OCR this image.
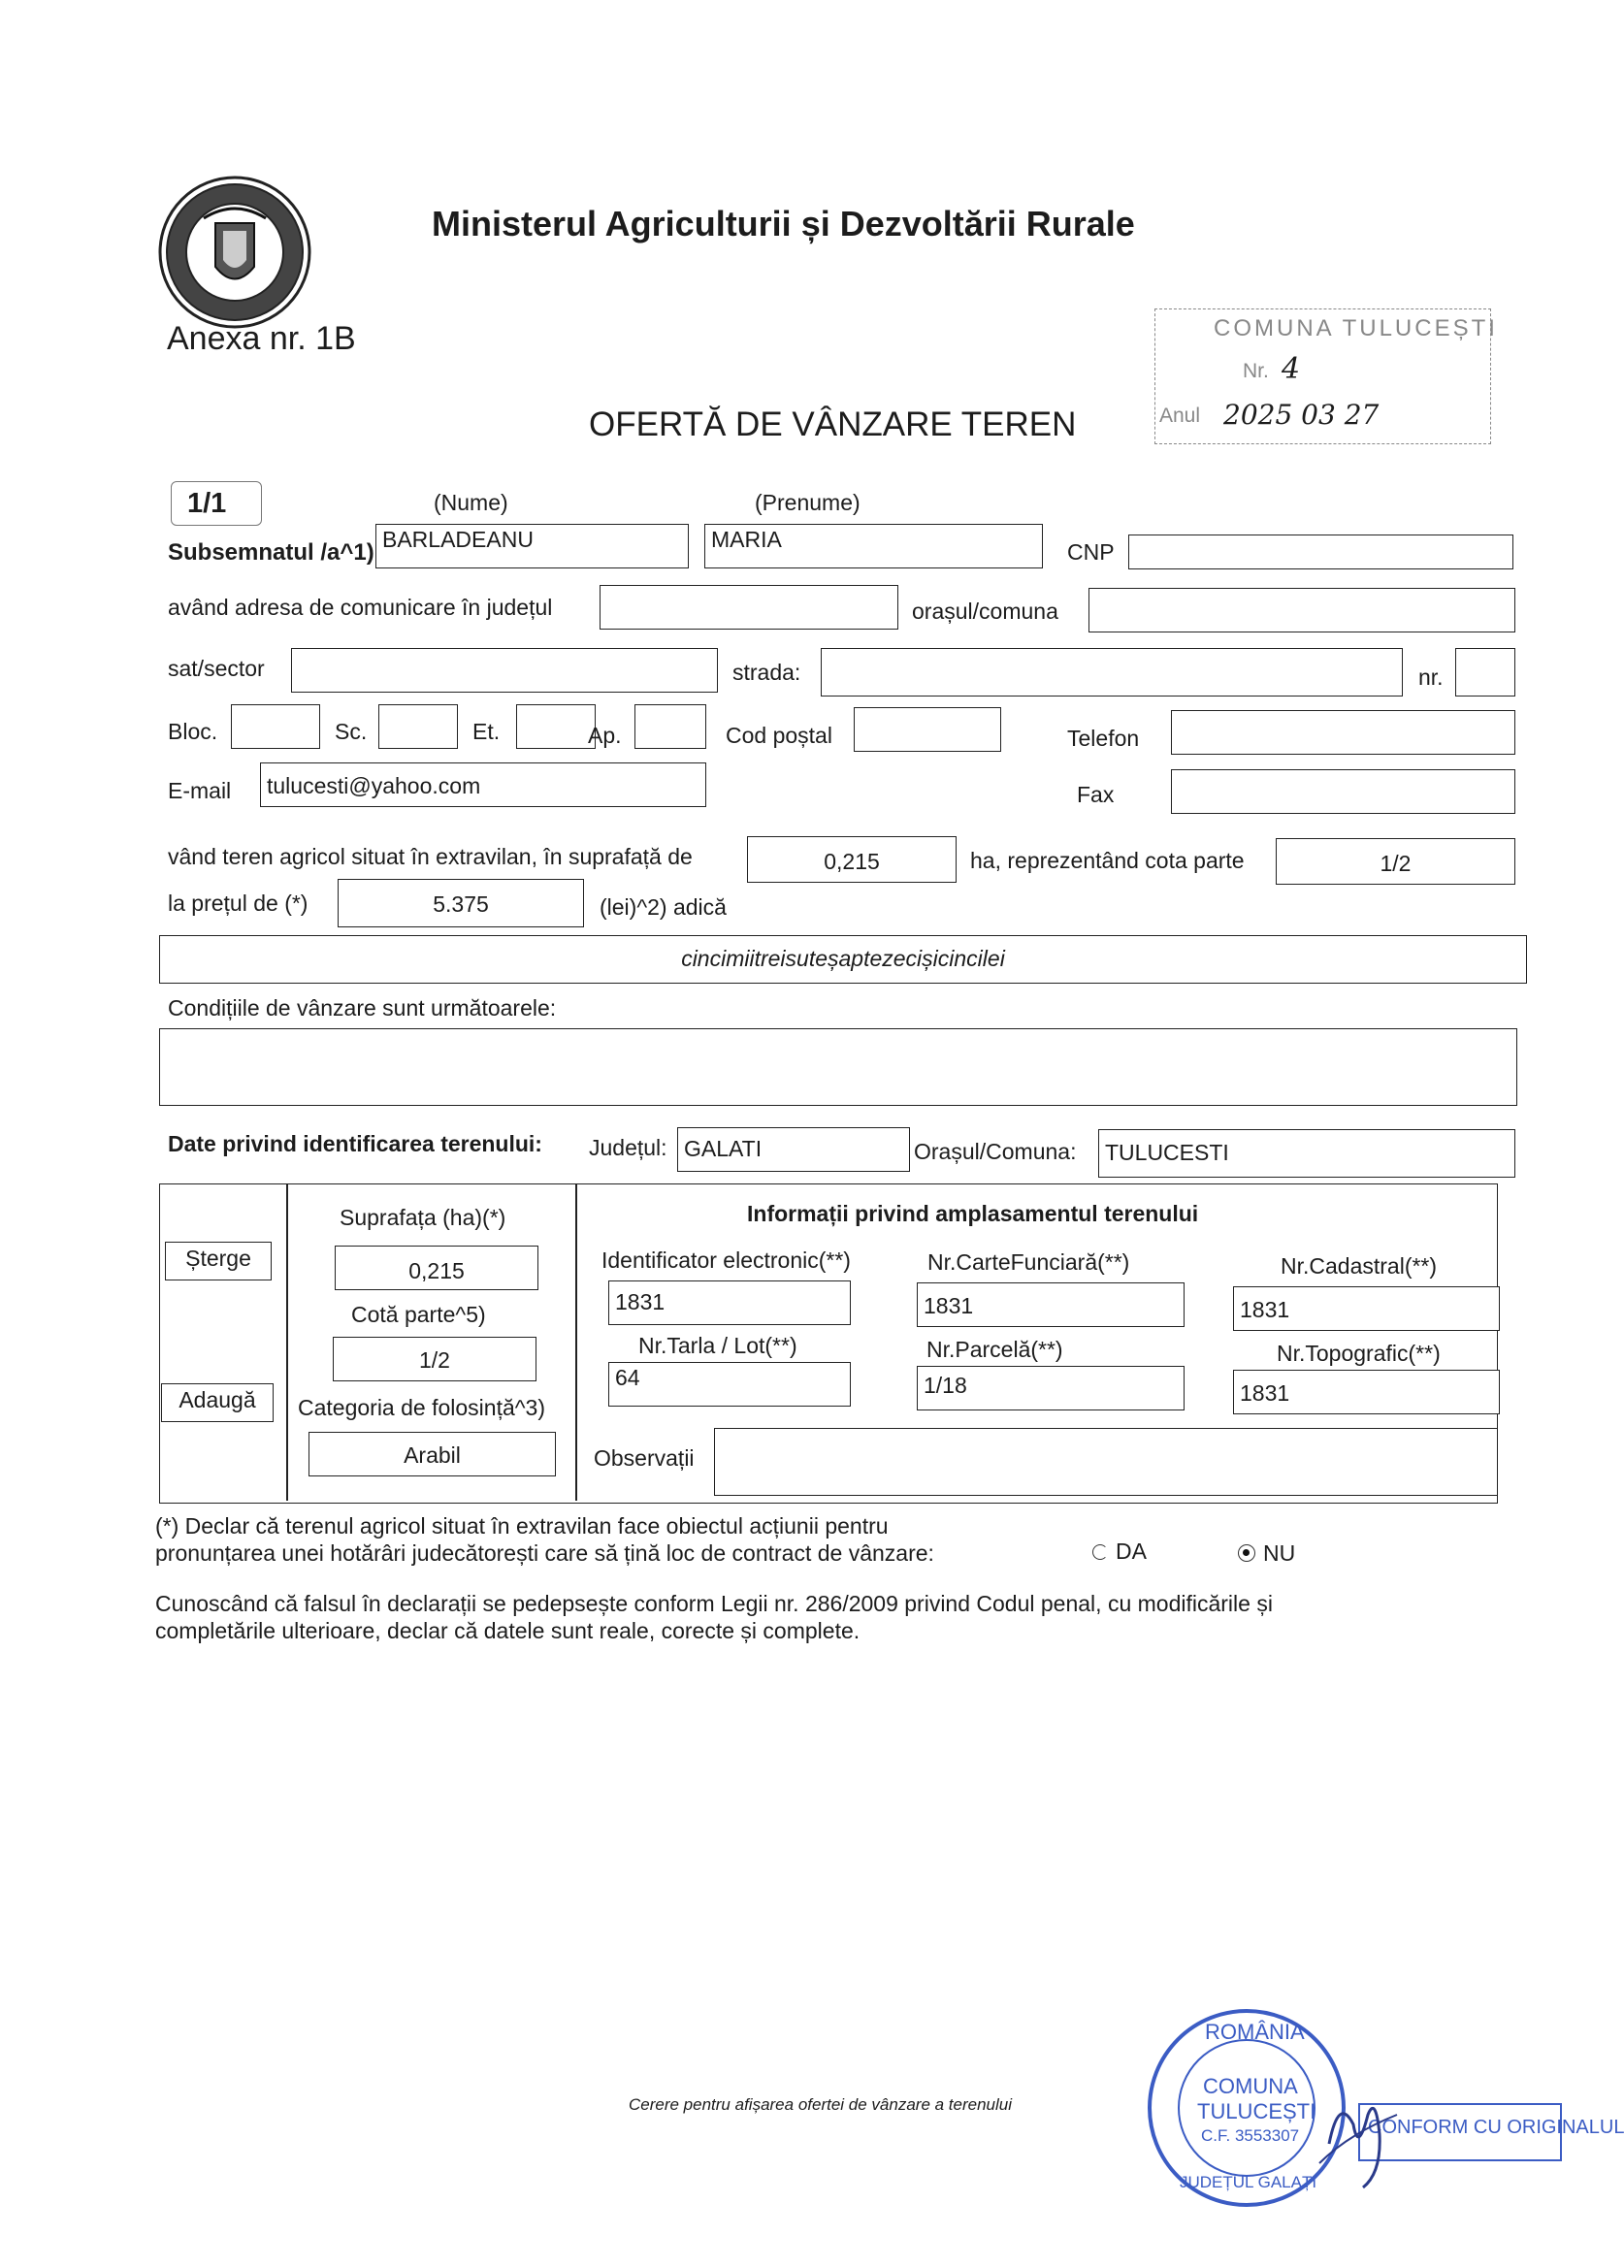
Ministerul Agriculturii și Dezvoltării Rurale
Anexa nr. 1B
OFERTĂ DE VÂNZARE TEREN
COMUNA TULUCEȘTI
Nr. 4
Anul 2025 03 27
1/1	(Nume)	(Prenume)
Subsemnatul /a^1) BARLADEANU	MARIA	CNP
având adresa de comunicare în județul	orașul/comuna
sat/sector	strada:	nr.
Bloc.	Sc.	Et.	Ap.	Cod poștal	Telefon
E-mail	tulucesti@yahoo.com	Fax
vând teren agricol situat în extravilan, în suprafață de	0,215	ha, reprezentând cota parte	1/2
la prețul de (*)	5.375	(lei)^2) adică
cincimiitreisuteșaptezecișicincilei
Condițiile de vânzare sunt următoarele:
Date privind identificarea terenului: Județul: GALATI	Orașul/Comuna:	TULUCESTI
Șterge
Adaugă
Suprafața (ha)(*)
0,215
Cotă parte^5)
1/2
Categoria de folosință^3)
Arabil
Informații privind amplasamentul terenului
Identificator electronic(**)
1831
Nr.CarteFunciară(**)
1831
Nr.Cadastral(**)
1831
Nr.Tarla / Lot(**)
64
Nr.Parcelă(**)
1/18
Nr.Topografic(**)
1831
Observații
(*) Declar că terenul agricol situat în extravilan face obiectul acțiunii pentru
pronunțarea unei hotărâri judecătorești care să țină loc de contract de vânzare:	DA	NU
Cunoscând că falsul în declarații se pedepsește conform Legii nr. 286/2009 privind Codul penal, cu modificările și
completările ulterioare, declar că datele sunt reale, corecte și complete.
Cerere pentru afișarea ofertei de vânzare a terenului
ROMÂNIA
COMUNA
TULUCEȘTI
C.F. 3553307
JUDEȚUL GALAȚI
CONFORM CU ORIGINALUL
